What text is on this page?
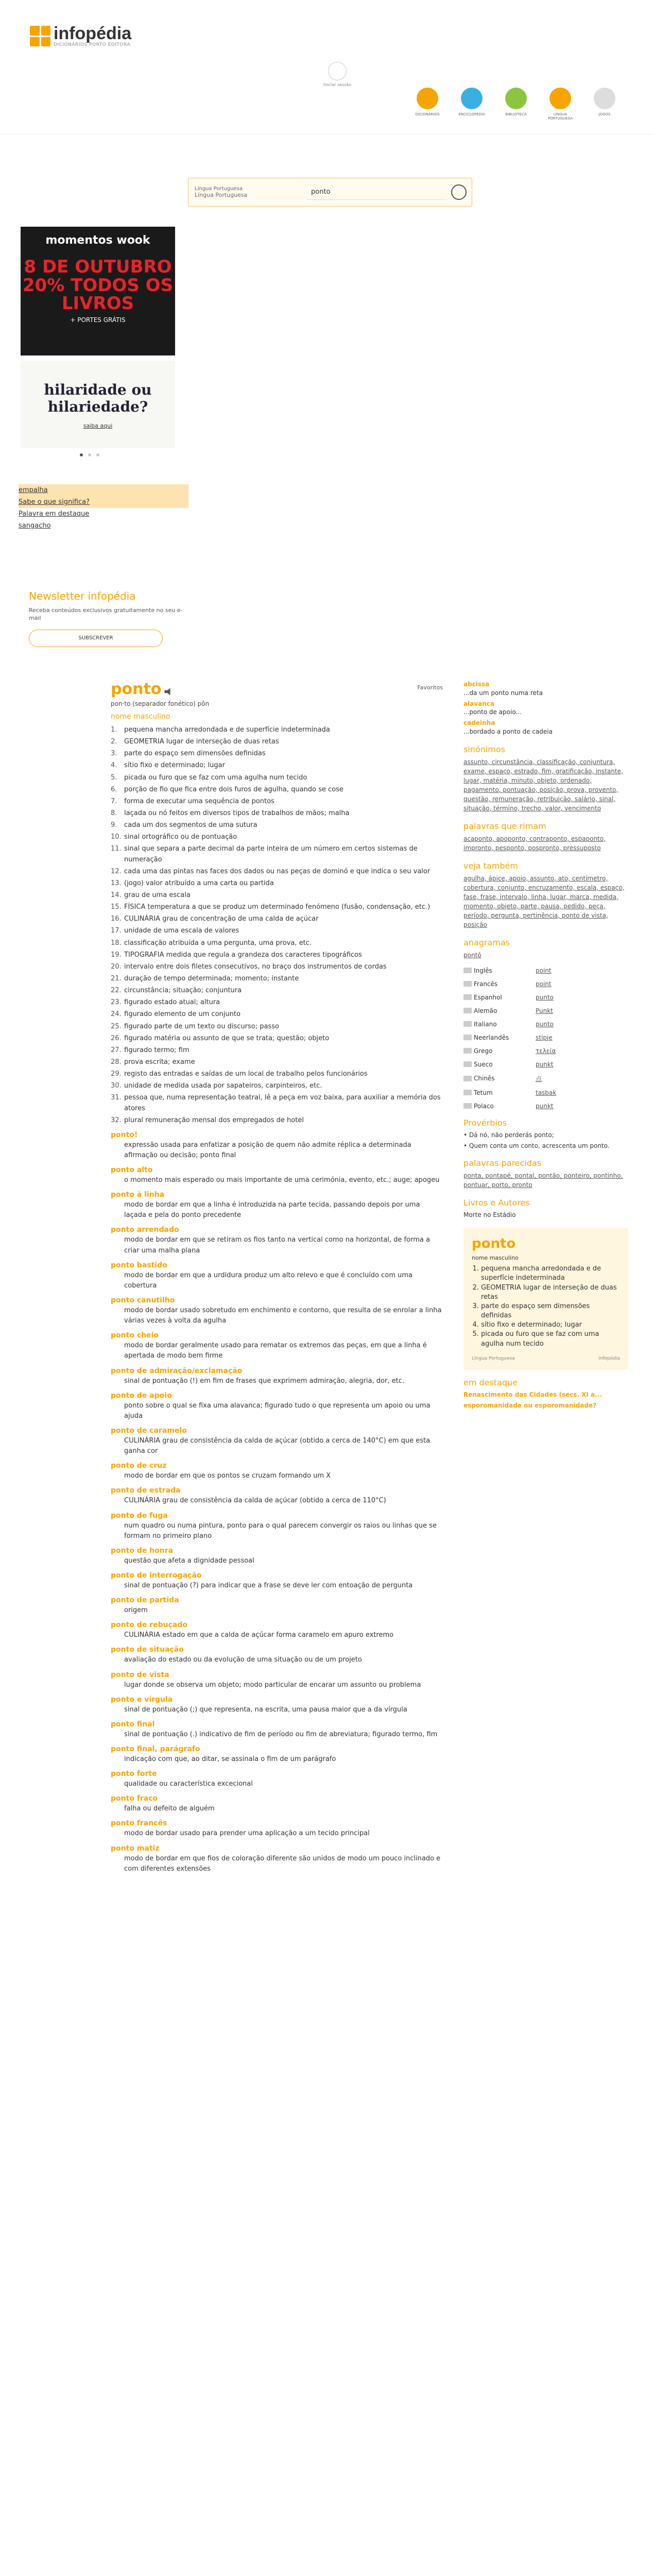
infopédia
DICIONÁRIOS PORTO EDITORA
Iniciar sessão
DICIONÁRIOS	ENCICLOPÉDIA	BIBLIOTECA	LÍNGUA PORTUGUESA
JOGOS
Língua Portuguesa
Língua Portuguesa	ponto
momentos wook
8 DE OUTUBRO 20% TODOS OS LIVROS
+ PORTES GRÁTIS
hilaridade ou hilariedade?
saiba aqui
empalha
Sabe o que significa?
Palavra em destaque
sangacho
Newsletter infopédia

Receba conteúdos exclusivos gratuitamente no seu e-mail

SUBSCREVER
ponto	Favoritos
pon·to (separador fonético) pôn
nome masculino
1.	pequena mancha arredondada e de superfície indeterminada
2.	GEOMETRIA lugar de interseção de duas retas
3.	parte do espaço sem dimensões definidas
4.	sítio fixo e determinado; lugar
5.	picada ou furo que se faz com uma agulha num tecido
6.	porção de fio que fica entre dois furos de agulha, quando se cose
7.	forma de executar uma sequência de pontos
8.	laçada ou nó feitos em diversos tipos de trabalhos de mãos; malha
9.	cada um dos segmentos de uma sutura
10. sinal ortográfico ou de pontuação
11. sinal que separa a parte decimal da parte inteira de um número em certos sistemas de numeração
12. cada uma das pintas nas faces dos dados ou nas peças de dominó e que indica o seu valor
13. (jogo) valor atribuído a uma carta ou partida
14. grau de uma escala
15. FÍSICA temperatura a que se produz um determinado fenómeno (fusão, condensação, etc.)
16. CULINÁRIA grau de concentração de uma calda de açúcar
17. unidade de uma escala de valores
18. classificação atribuída a uma pergunta, uma prova, etc.
19. TIPOGRAFIA medida que regula a grandeza dos caracteres tipográficos
20. intervalo entre dois filetes consecutivos, no braço dos instrumentos de cordas
21. duração de tempo determinada; momento; instante
22. circunstância; situação; conjuntura
23. figurado estado atual; altura
24. figurado elemento de um conjunto
25. figurado parte de um texto ou discurso; passo
26. figurado matéria ou assunto de que se trata; questão; objeto
27. figurado termo; fim
28. prova escrita; exame
29. registo das entradas e saídas de um local de trabalho pelos funcionários
30. unidade de medida usada por sapateiros, carpinteiros, etc.
31. pessoa que, numa representação teatral, lê a peça em voz baixa, para auxiliar a memória dos atores
32. plural remuneração mensal dos empregados de hotel
ponto!
expressão usada para enfatizar a posição de quem não admite réplica a determinada afirmação ou decisão; ponto final
ponto alto
o momento mais esperado ou mais importante de uma cerimónia, evento, etc.; auge; apogeu
ponto à linha
modo de bordar em que a linha é introduzida na parte tecida, passando depois por uma laçada e pela do ponto precedente
ponto arrendado
modo de bordar em que se retiram os fios tanto na vertical como na horizontal, de forma a criar uma malha plana
ponto bastido
modo de bordar em que a urdidura produz um alto relevo e que é concluído com uma cobertura
ponto canutilho
modo de bordar usado sobretudo em enchimento e contorno, que resulta de se enrolar a linha várias vezes à volta da agulha
ponto cheio
modo de bordar geralmente usado para rematar os extremos das peças, em que a linha é apertada de modo bem firme
ponto de admiração/exclamação
sinal de pontuação (!) em fim de frases que exprimem admiração, alegria, dor, etc.
ponto de apoio
ponto sobre o qual se fixa uma alavanca; figurado tudo o que representa um apoio ou uma ajuda
ponto de caramelo
CULINÁRIA grau de consistência da calda de açúcar (obtido a cerca de 140°C) em que esta ganha cor
ponto de cruz
modo de bordar em que os pontos se cruzam formando um X
ponto de estrada
CULINÁRIA grau de consistência da calda de açúcar (obtido a cerca de 110°C)
ponto de fuga
num quadro ou numa pintura, ponto para o qual parecem convergir os raios ou linhas que se formam no primeiro plano
ponto de honra
questão que afeta a dignidade pessoal
ponto de interrogação
sinal de pontuação (?) para indicar que a frase se deve ler com entoação de pergunta
ponto de partida
origem
ponto de rebuçado
CULINÁRIA estado em que a calda de açúcar forma caramelo em apuro extremo
ponto de situação
avaliação do estado ou da evolução de uma situação ou de um projeto
ponto de vista
lugar donde se observa um objeto; modo particular de encarar um assunto ou problema
ponto e vírgula
sinal de pontuação (;) que representa, na escrita, uma pausa maior que a da vírgula
ponto final
sinal de pontuação (.) indicativo de fim de período ou fim de abreviatura; figurado termo, fim
ponto final, parágrafo
indicação com que, ao ditar, se assinala o fim de um parágrafo
ponto forte
qualidade ou característica excecional
ponto fraco
falha ou defeito de alguém
ponto francês
modo de bordar usado para prender uma aplicação a um tecido principal
ponto matiz
modo de bordar em que fios de coloração diferente são unidos de modo um pouco inclinado e com diferentes extensões
abcissa
...da um ponto numa reta
alavanca
...ponto de apoio...
cadeinha
...bordado a ponto de cadeia
sinónimos
assunto, circunstância, classificação, conjuntura, exame, espaço, estrado, fim, gratificação, instante, lugar, matéria, minuto, objeto, ordenado, pagamento, pontuação, posição, prova, provento, questão, remuneração, retribuição, salário, sinal, situação, término, trecho, valor, vencimento
palavras que rimam
acaponto, apoponto, contraponto, espaponto, impronto, pesponto, pospronto, pressuposto
veja também
agulha, ápice, apoio, assunto, ato, centímetro, cobertura, conjunto, encruzamento, escala, espaço, fase, frase, intervalo, linha, lugar, marca, medida, momento, objeto, parte, pausa, pedido, peça, período, pergunta, pertinência, ponto de vista, posição
anagramas
pontô
Inglês	point
Francês	point
Espanhol	punto
Alemão	Punkt
Italiano	punto
Neerlandês	stipje
Grego	τελεία
Sueco	punkt
Chinês	点
Tetum	tasbak
Polaco	punkt
Provérbios
• Dá nó, não perderás ponto;
• Quem conta um conto, acrescenta um ponto.
palavras parecidas
ponta, pontapé, pontal, pontão, ponteiro, pontinho, pontuar, porto, pronto
Livros e Autores
Morte no Estádio
ponto
nome masculino
1. pequena mancha arredondada e de superfície indeterminada
2. GEOMETRIA lugar de interseção de duas retas
3. parte do espaço sem dimensões definidas
4. sítio fixo e determinado; lugar
5. picada ou furo que se faz com uma agulha num tecido
Língua Portuguesa	infopédia
em destaque
Renascimento das Cidades (secs. XI a...
esporomanidade ou esporomanidade?
